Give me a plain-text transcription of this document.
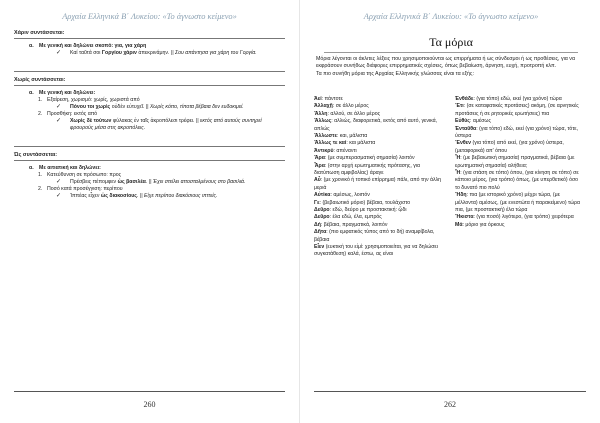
Αρχαία Ελληνικά Β΄ Λυκείου: «Το άγνωστο κείμενο»
Χάριν συντάσσεται:
α. Με γενική και δηλώνει σκοπό: για, για χάρη
✓ Καί ταῦτά σοι Γοργίου χάριν ἀπεκρινάμην. || Σου απάντησα για χάρη του Γοργία.
Χωρίς συντάσσεται:
α. Με γενική και δηλώνει:
1. Εξαίρεση, χωρισμό: χωρίς, χωριστά από
✓ Πόνου τοι χωρὶς οὐδὲν εὐτυχεῖ. || Χωρίς κόπο, τίποτα βέβαια δεν ευδοκιμεί.
2. Προσθήκη: εκτός από
✓ Χωρὶς δὲ τούτων φύλακας ἐν ταῖς ἀκροπόλεσι τρέφει. || εκτός από αυτούς συντηρεί φρουρούς μέσα στις ακροπόλεις.
Ὡς συντάσσεται:
α. Με αιτιατική και δηλώνει:
1. Κατεύθυνση σε πρόσωπο: προς
✓ Πρέσβεις πέπομφεν ὡς βασιλέα. || Έχει στείλει αποσταλμένους στο βασιλιά.
2. Ποσό κατά προσέγγιση: περίπου
✓ Ἱππέας εἶχεν ὡς διακοσίους. || Είχε περίπου διακόσιους ιππείς.
260
Αρχαία Ελληνικά Β΄ Λυκείου: «Το άγνωστο κείμενο»
Τα μόρια
Μόρια λέγονται οι άκλιτες λέξεις που χρησιμοποιούνται ως επιρρήματα ή ως σύνδεσμοι ή ως προθέσεις, για να εκφράσουν συνήθως διάφορες επιρρηματικές σχέσεις, όπως βεβαίωση, άρνηση, ευχή, προτροπή κλπ.
Τα πιο συνήθη μόρια της Αρχαίας Ελληνικής γλώσσας είναι τα εξής:
Ἀεί: πάντοτε
Ἀλλαχῇ: σε άλλο μέρος
Ἄλλη: αλλού, σε άλλο μέρος
Ἄλλως: αλλιώς, διαφορετικά, εκτός από αυτό, γενικά, απλώς
Ἄλλωστε: και, μάλιστα
Ἄλλως τε καί: και μάλιστα
Ἀντικρύ: απέναντι
Ἄρα: (με συμπερασματική σημασία) λοιπόν
Ἆρα: (στην αρχή ερωτηματικής πρότασης, για διατύπωση αμφιβολίας) άραγε
Αὖ: (με χρονικό ή τοπικό επίρρημα) πάλι, από την άλλη μεριά
Αὐτίκα: αμέσως, λοιπόν
Γε: (βεβαιωτικό μόριο) βέβαια, τουλάχιστο
Δεῦρο: εδώ, δεύρο με προστακτική: ᾤδι
Δεῦρο: έλα εδώ, έλα, εμπρός
Δή: βέβαια, πραγματικά, λοιπόν
Δῆτα: (πιο εμφατικός τύπος από το δή) αναμφίβολα, βέβαια
Εἶεν (ευκτική του εἰμί: χρησιμοποιείται, για να δηλώσει συγκατάθεση) καλά, έστω, ας είναι
Ἐνθάδε: (για τόπο) εδώ, εκεί (για χρόνο) τώρα
Ἔτι: (σε καταφατικές προτάσεις) ακόμη, (σε αρνητικές προτάσεις ή σε ρητορικές ερωτήσεις) πια
Εὐθύς: αμέσως
Ἐνταῦθα: (για τόπο) εδώ, εκεί (για χρόνο) τώρα, τότε, ύστερα
Ἔνθεν (για τόπο) από εκεί, (για χρόνο) ύστερα, (μεταφορικά) απ' όπου
Ἦ: (με βεβαιωτική σημασία) πραγματικά, βέβαια (με ερωτηματική σημασία) αλήθεια;
Ἧ: (για στάση σε τόπο) όπου, (για κίνηση σε τόπο) σε κάποιο μέρος, (για τρόπο) όπως, (με υπερθετικό) όσο το δυνατό πιο πολύ
Ἤδη: πια (με ιστορικό χρόνο) μέχρι τώρα, (με μέλλοντα) αμέσως, (με ενεστώτα ή παρακείμενο) τώρα πια, (με προστακτική) έλα τώρα
Ἥκιστα: (για ποσό) λιγότερο, (για τρόπο) χειρότερα
Μά: μόριο για όρκους
262
